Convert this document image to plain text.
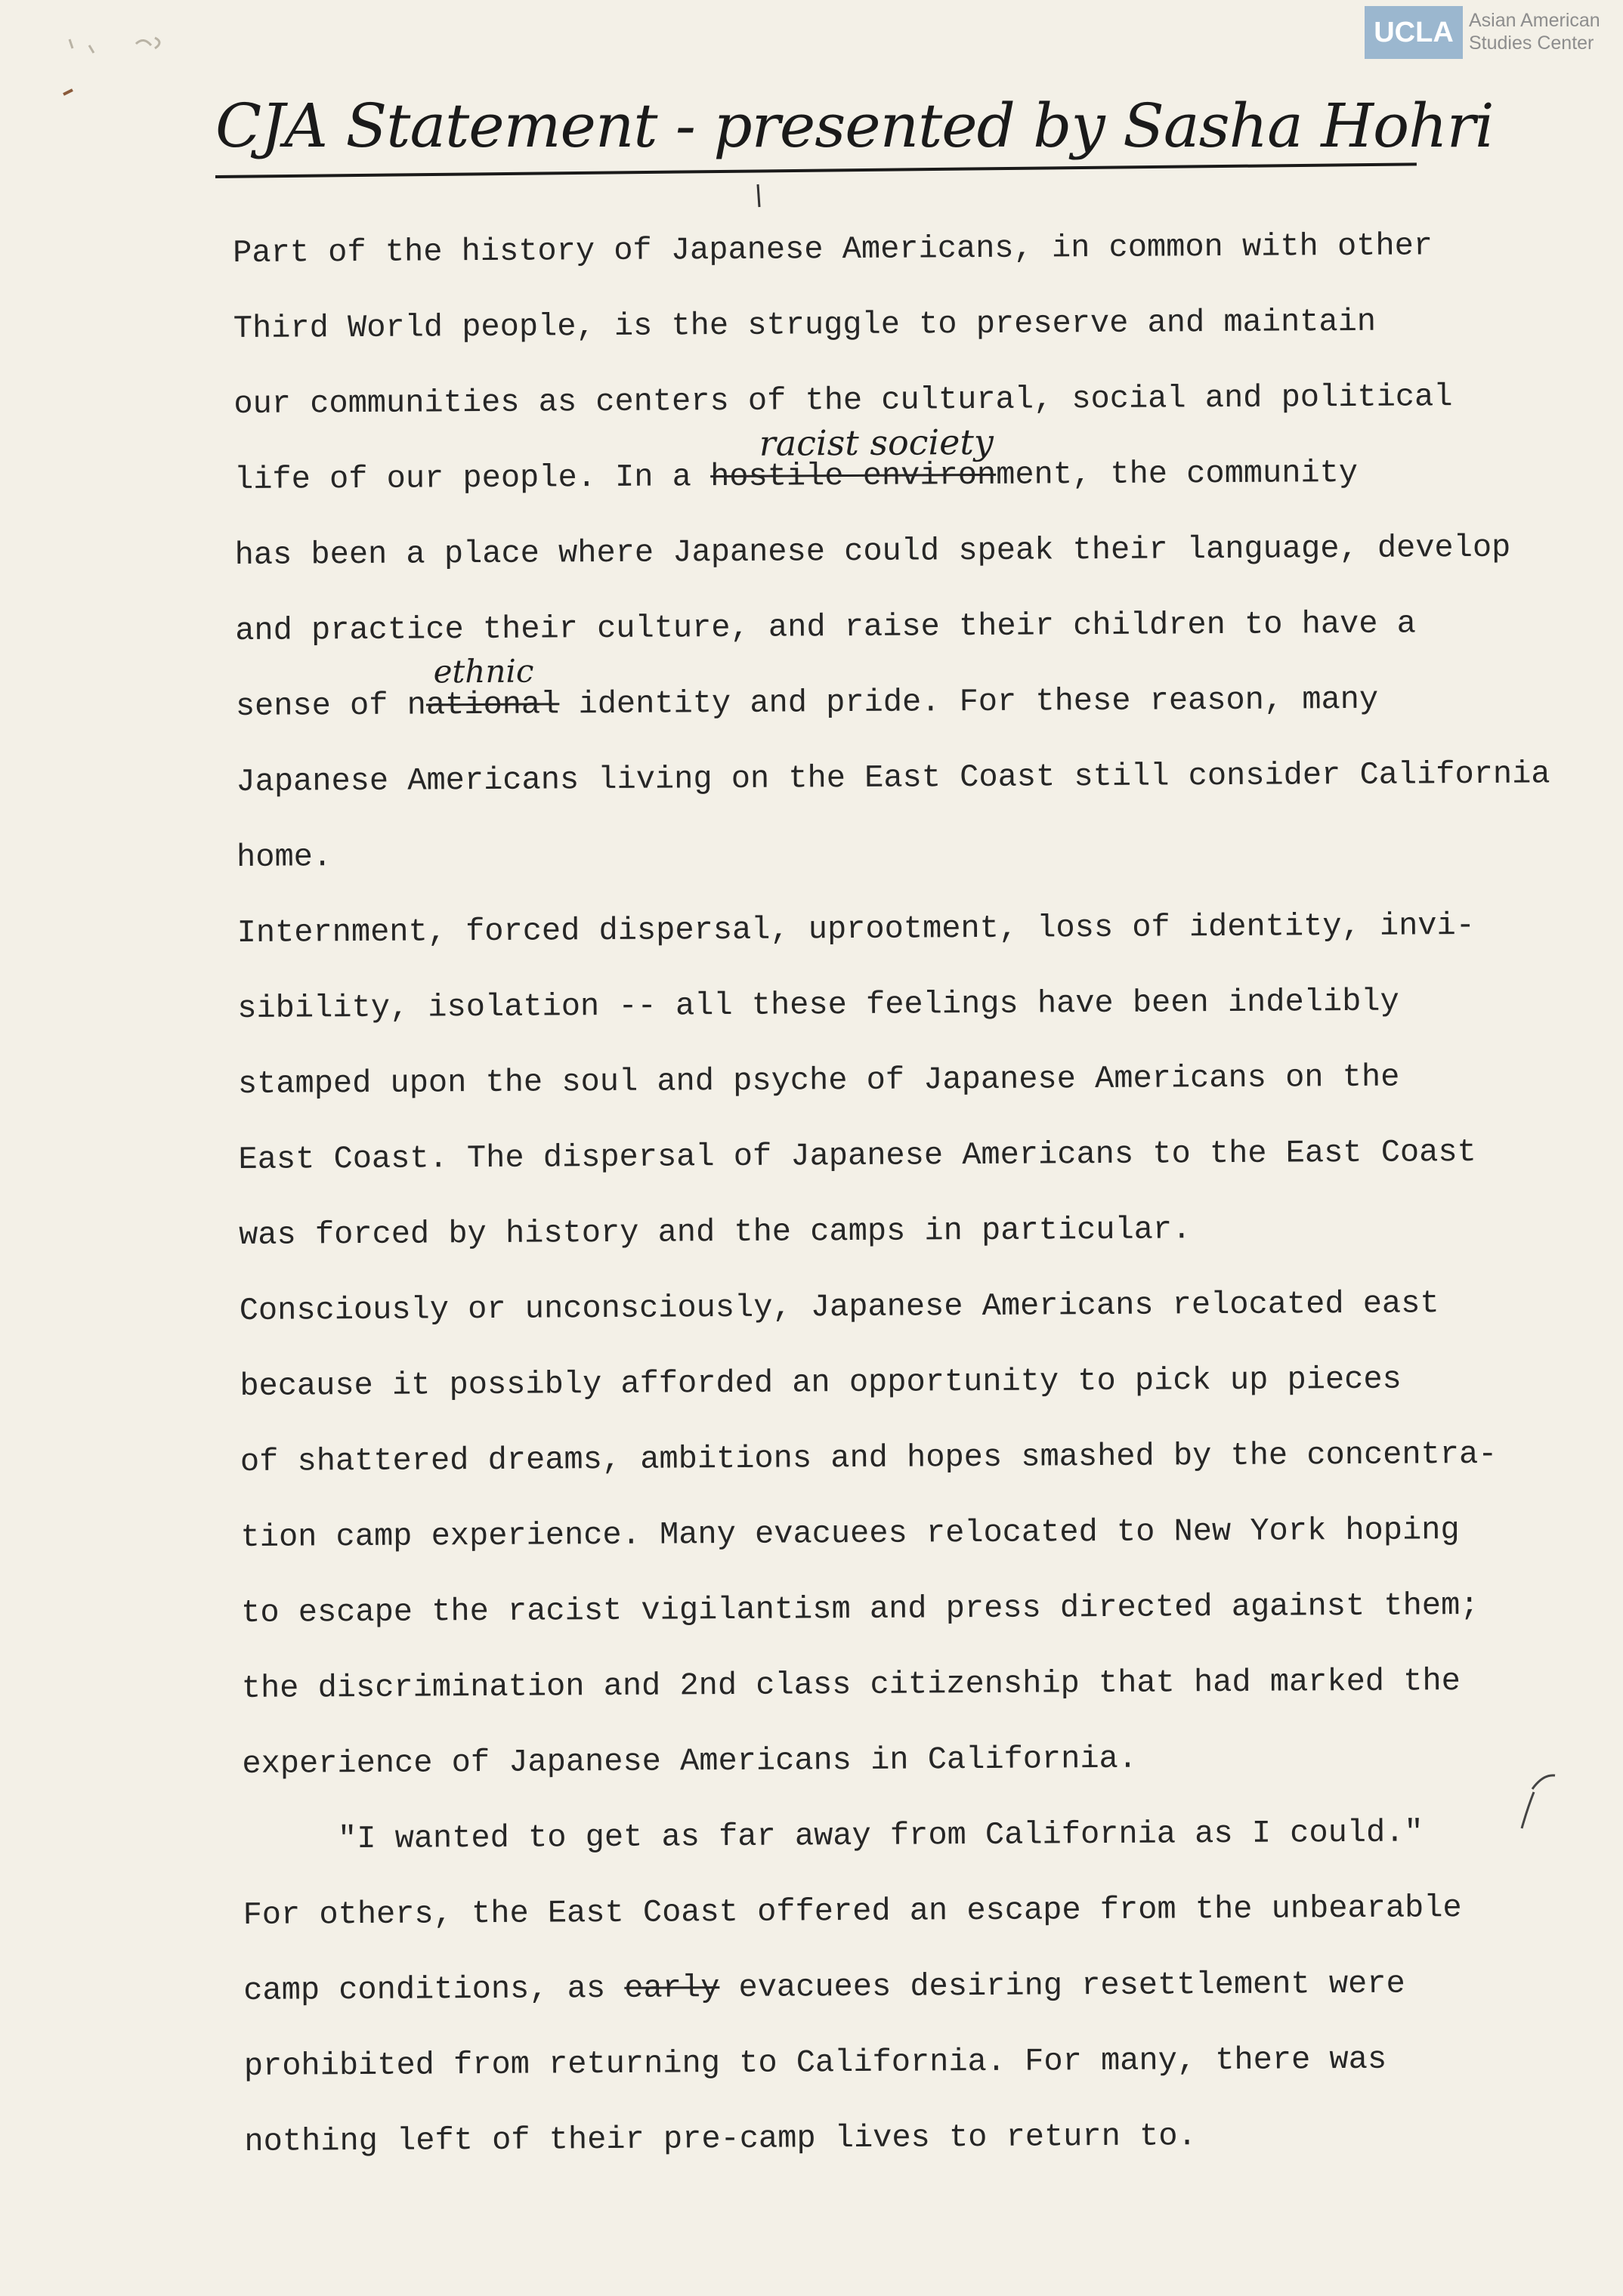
UCLA Asian American
Studies Center
CJA Statement - presented by Sasha Hohri
Part of the history of Japanese Americans, in common with other
Third World people, is the struggle to preserve and maintain
our communities as centers of the cultural, social and political
life of our people. In a hostile environment, the community
racist society
has been a place where Japanese could speak their language, develop
and practice their culture, and raise their children to have a
sense of national identity and pride. For these reason, many
ethnic
Japanese Americans living on the East Coast still consider California
home.
Internment, forced dispersal, uprootment, loss of identity, invi-
sibility, isolation -- all these feelings have been indelibly
stamped upon the soul and psyche of Japanese Americans on the
East Coast. The dispersal of Japanese Americans to the East Coast
was forced by history and the camps in particular.
Consciously or unconsciously, Japanese Americans relocated east
because it possibly afforded an opportunity to pick up pieces
of shattered dreams, ambitions and hopes smashed by the concentra-
tion camp experience. Many evacuees relocated to New York hoping
to escape the racist vigilantism and press directed against them;
the discrimination and 2nd class citizenship that had marked the
experience of Japanese Americans in California.
"I wanted to get as far away from California as I could."
For others, the East Coast offered an escape from the unbearable
camp conditions, as early evacuees desiring resettlement were
prohibited from returning to California. For many, there was
nothing left of their pre-camp lives to return to.
